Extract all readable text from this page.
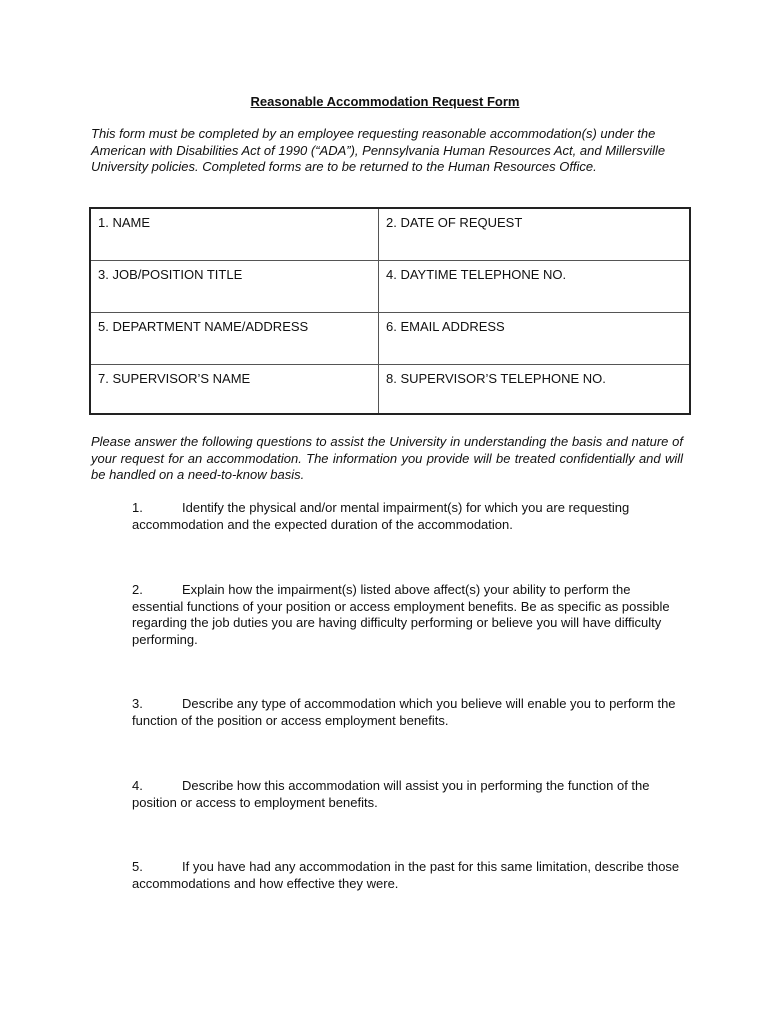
Reasonable Accommodation Request Form
This form must be completed by an employee requesting reasonable accommodation(s) under the American with Disabilities Act of 1990 (“ADA”), Pennsylvania Human Resources Act, and Millersville University policies. Completed forms are to be returned to the Human Resources Office.
1. NAME	2. DATE OF REQUEST
3. JOB/POSITION TITLE	4. DAYTIME TELEPHONE NO.
5. DEPARTMENT NAME/ADDRESS	6. EMAIL ADDRESS
7. SUPERVISOR’S NAME	8. SUPERVISOR’S TELEPHONE NO.
Please answer the following questions to assist the University in understanding the basis and nature of your request for an accommodation. The information you provide will be treated confidentially and will be handled on a need-to-know basis.
1.	Identify the physical and/or mental impairment(s) for which you are requesting accommodation and the expected duration of the accommodation.
2.	Explain how the impairment(s) listed above affect(s) your ability to perform the essential functions of your position or access employment benefits. Be as specific as possible regarding the job duties you are having difficulty performing or believe you will have difficulty performing.
3.	Describe any type of accommodation which you believe will enable you to perform the function of the position or access employment benefits.
4.	Describe how this accommodation will assist you in performing the function of the position or access to employment benefits.
5.	If you have had any accommodation in the past for this same limitation, describe those accommodations and how effective they were.
